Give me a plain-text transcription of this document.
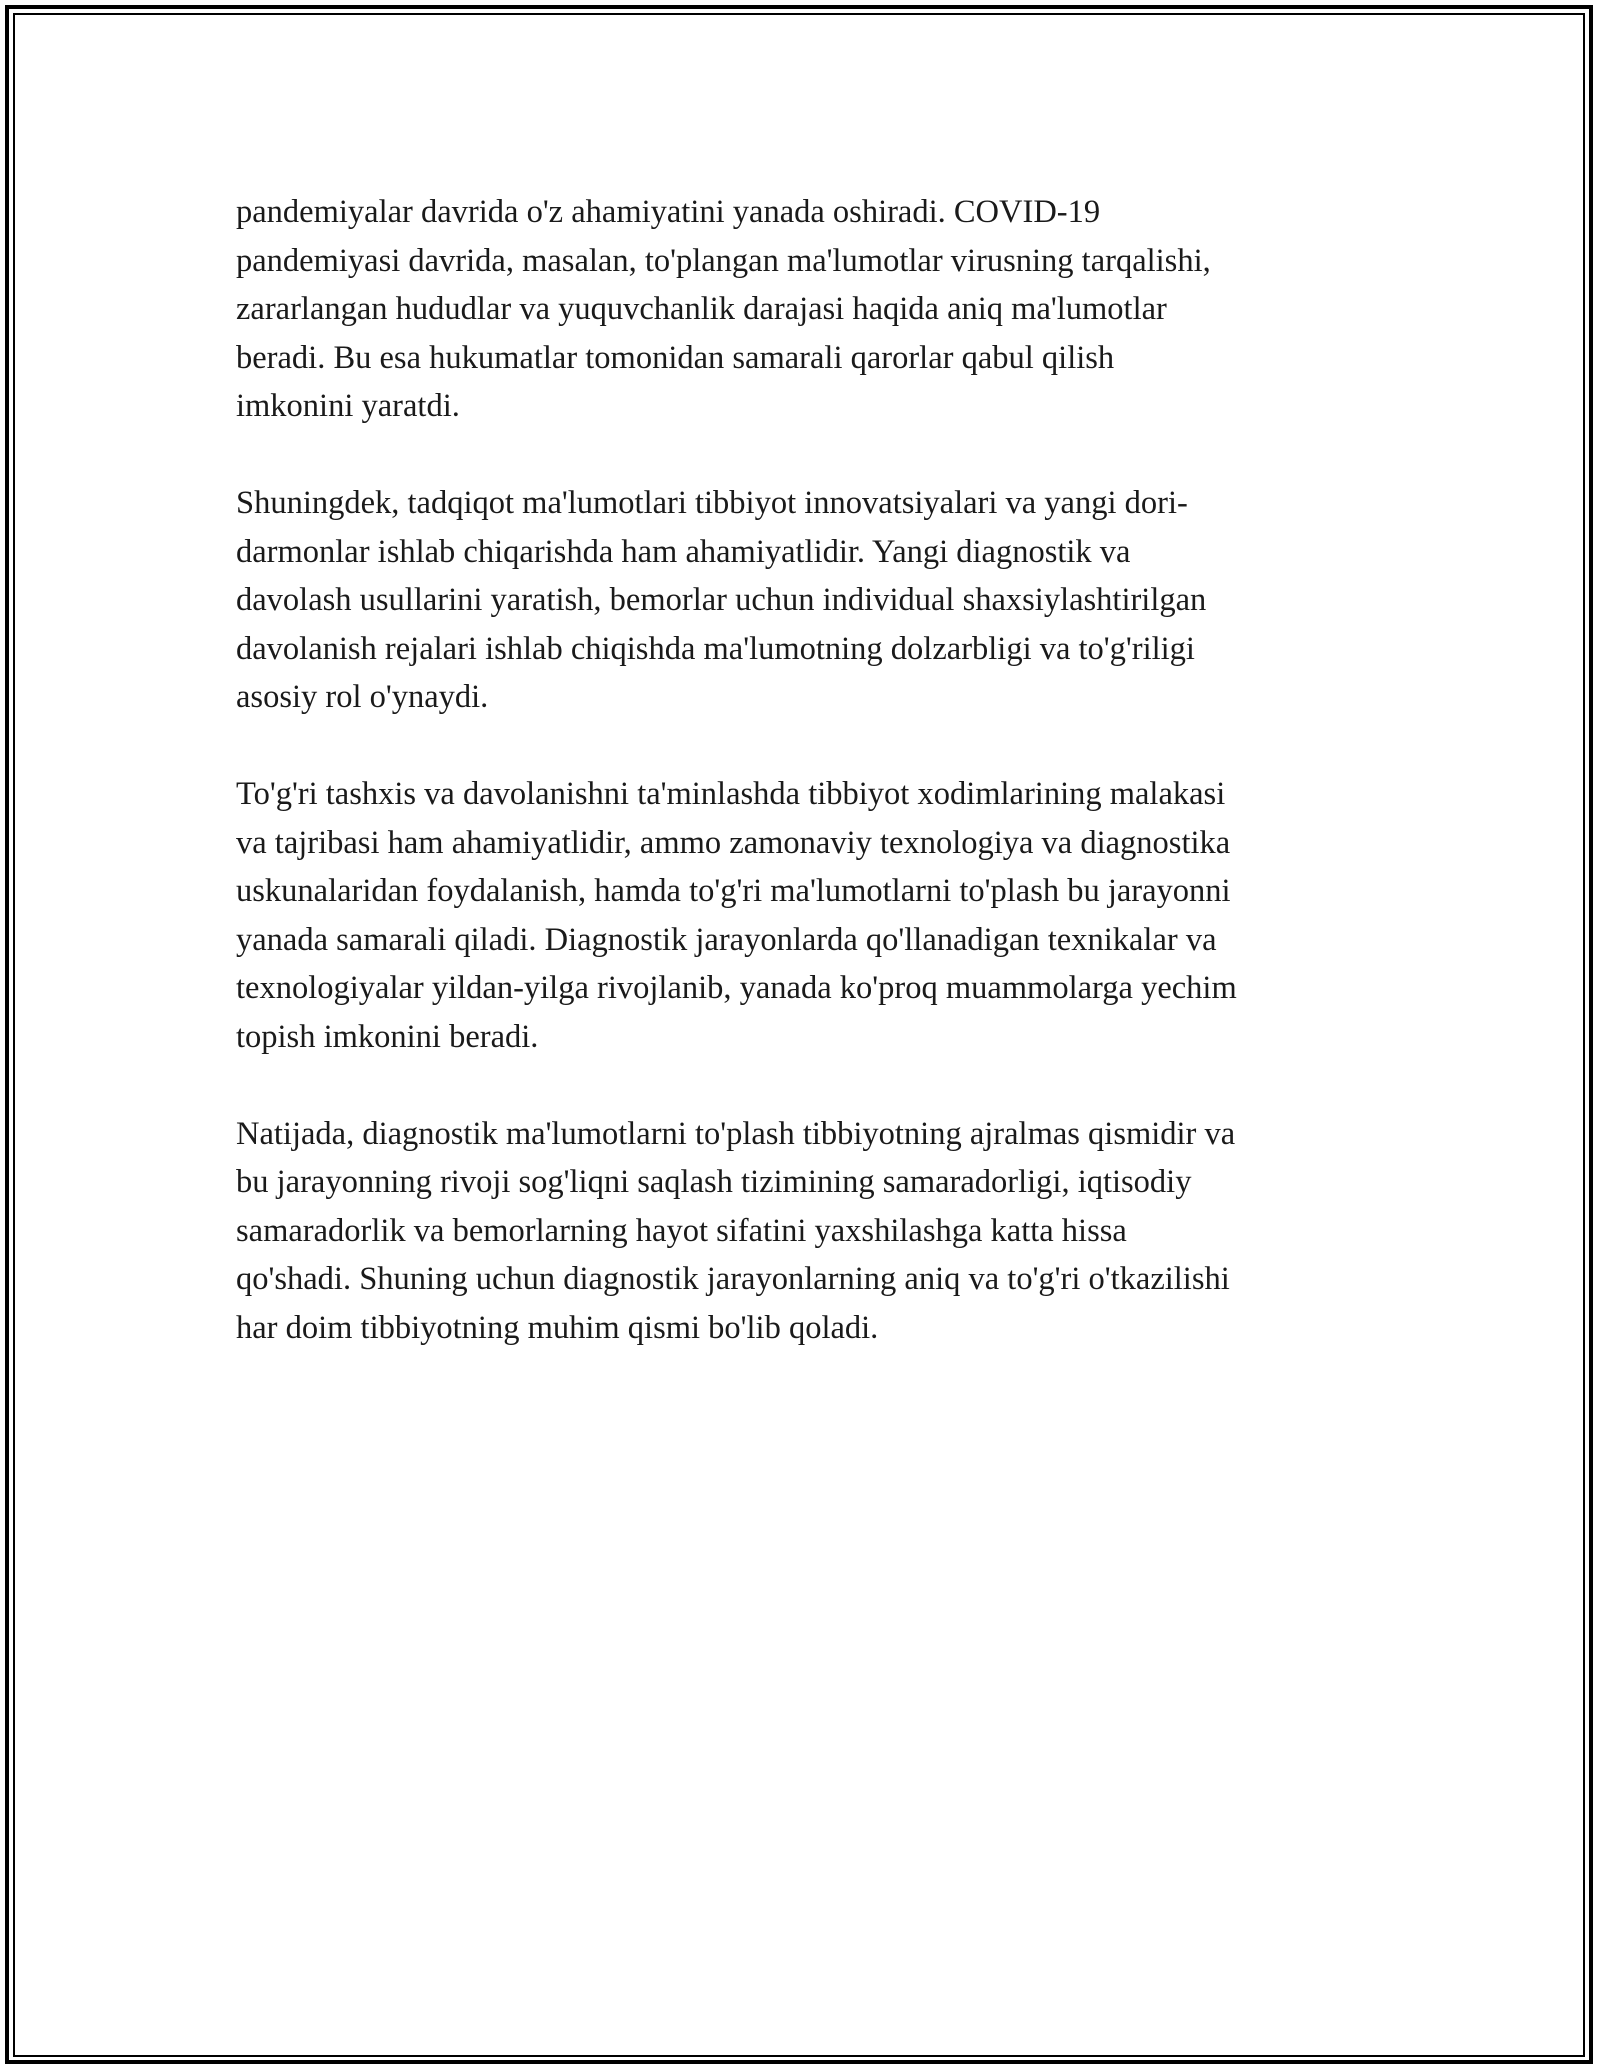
pandemiyalar davrida o'z ahamiyatini yanada oshiradi. COVID-19
pandemiyasi davrida, masalan, to'plangan ma'lumotlar virusning tarqalishi,
zararlangan hududlar va yuquvchanlik darajasi haqida aniq ma'lumotlar
beradi. Bu esa hukumatlar tomonidan samarali qarorlar qabul qilish
imkonini yaratdi.

Shuningdek, tadqiqot ma'lumotlari tibbiyot innovatsiyalari va yangi dori-
darmonlar ishlab chiqarishda ham ahamiyatlidir. Yangi diagnostik va
davolash usullarini yaratish, bemorlar uchun individual shaxsiylashtirilgan
davolanish rejalari ishlab chiqishda ma'lumotning dolzarbligi va to'g'riligi
asosiy rol o'ynaydi.

To'g'ri tashxis va davolanishni ta'minlashda tibbiyot xodimlarining malakasi
va tajribasi ham ahamiyatlidir, ammo zamonaviy texnologiya va diagnostika
uskunalaridan foydalanish, hamda to'g'ri ma'lumotlarni to'plash bu jarayonni
yanada samarali qiladi. Diagnostik jarayonlarda qo'llanadigan texnikalar va
texnologiyalar yildan-yilga rivojlanib, yanada ko'proq muammolarga yechim
topish imkonini beradi.

Natijada, diagnostik ma'lumotlarni to'plash tibbiyotning ajralmas qismidir va
bu jarayonning rivoji sog'liqni saqlash tizimining samaradorligi, iqtisodiy
samaradorlik va bemorlarning hayot sifatini yaxshilashga katta hissa
qo'shadi. Shuning uchun diagnostik jarayonlarning aniq va to'g'ri o'tkazilishi
har doim tibbiyotning muhim qismi bo'lib qoladi.
